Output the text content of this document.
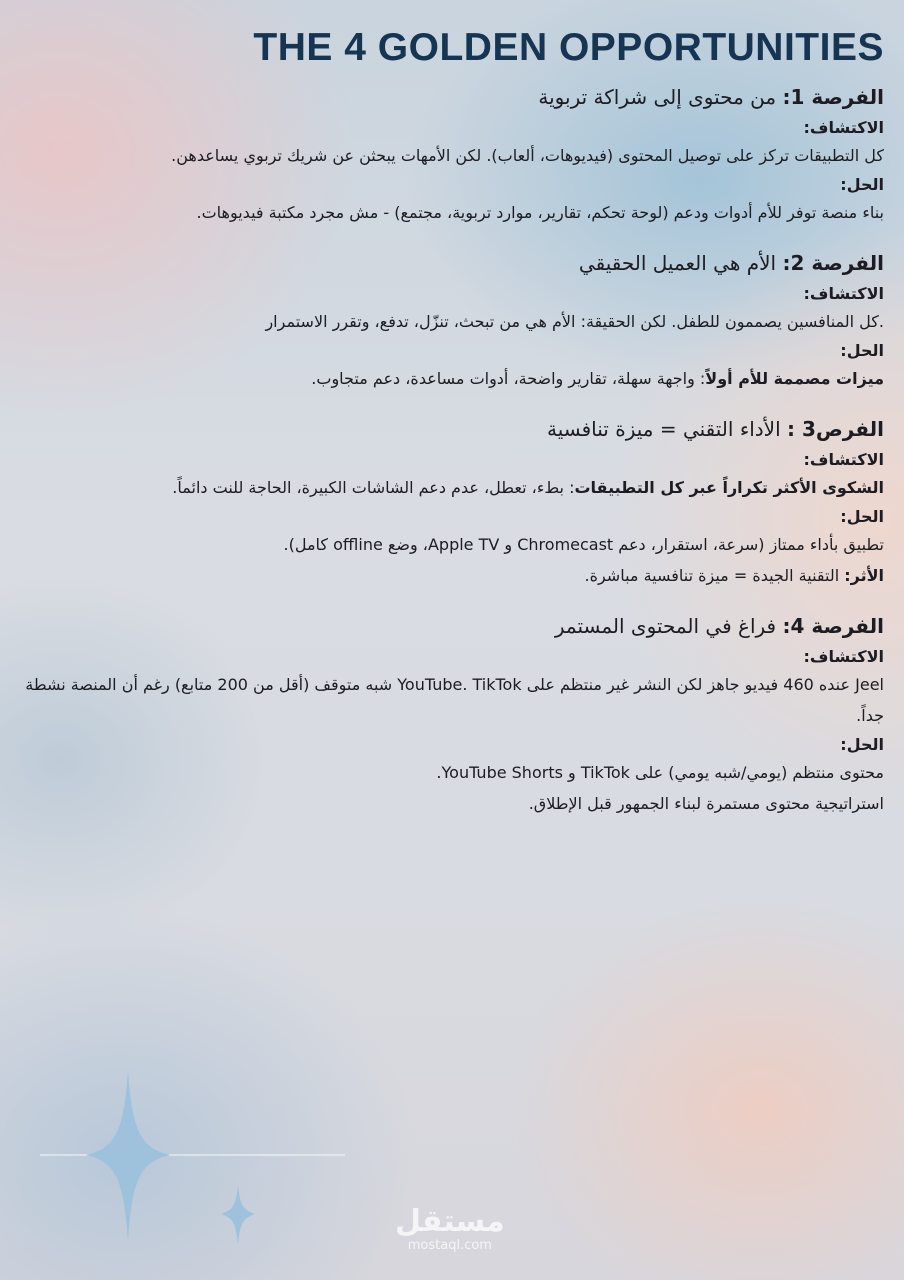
THE 4 GOLDEN OPPORTUNITIES
الفرصة 1: من محتوى إلى شراكة تربوية
الاكتشاف:
كل التطبيقات تركز على توصيل المحتوى (فيديوهات، ألعاب). لكن الأمهات يبحثن عن شريك تربوي يساعدهن.
الحل:
بناء منصة توفر للأم أدوات ودعم (لوحة تحكم، تقارير، موارد تربوية، مجتمع) - مش مجرد مكتبة فيديوهات.
الفرصة 2: الأم هي العميل الحقيقي
الاكتشاف:
.كل المنافسين يصممون للطفل. لكن الحقيقة: الأم هي من تبحث، تنزّل، تدفع، وتقرر الاستمرار
الحل:
ميزات مصممة للأم أولاً: واجهة سهلة، تقارير واضحة، أدوات مساعدة، دعم متجاوب.
الفرص3 : الأداء التقني = ميزة تنافسية
الاكتشاف:
الشكوى الأكثر تكراراً عبر كل التطبيقات: بطء، تعطل، عدم دعم الشاشات الكبيرة، الحاجة للنت دائماً.
الحل:
تطبيق بأداء ممتاز (سرعة، استقرار، دعم Chromecast و Apple TV، وضع offline كامل).
الأثر: التقنية الجيدة = ميزة تنافسية مباشرة.
الفرصة 4: فراغ في المحتوى المستمر
الاكتشاف:
Jeel عنده 460 فيديو جاهز لكن النشر غير منتظم على YouTube. TikTok شبه متوقف (أقل من 200 متابع) رغم أن المنصة نشطة جداً.
الحل:
محتوى منتظم (يومي/شبه يومي) على TikTok و YouTube Shorts.
استراتيجية محتوى مستمرة لبناء الجمهور قبل الإطلاق.
مستقل
mostaql.com
